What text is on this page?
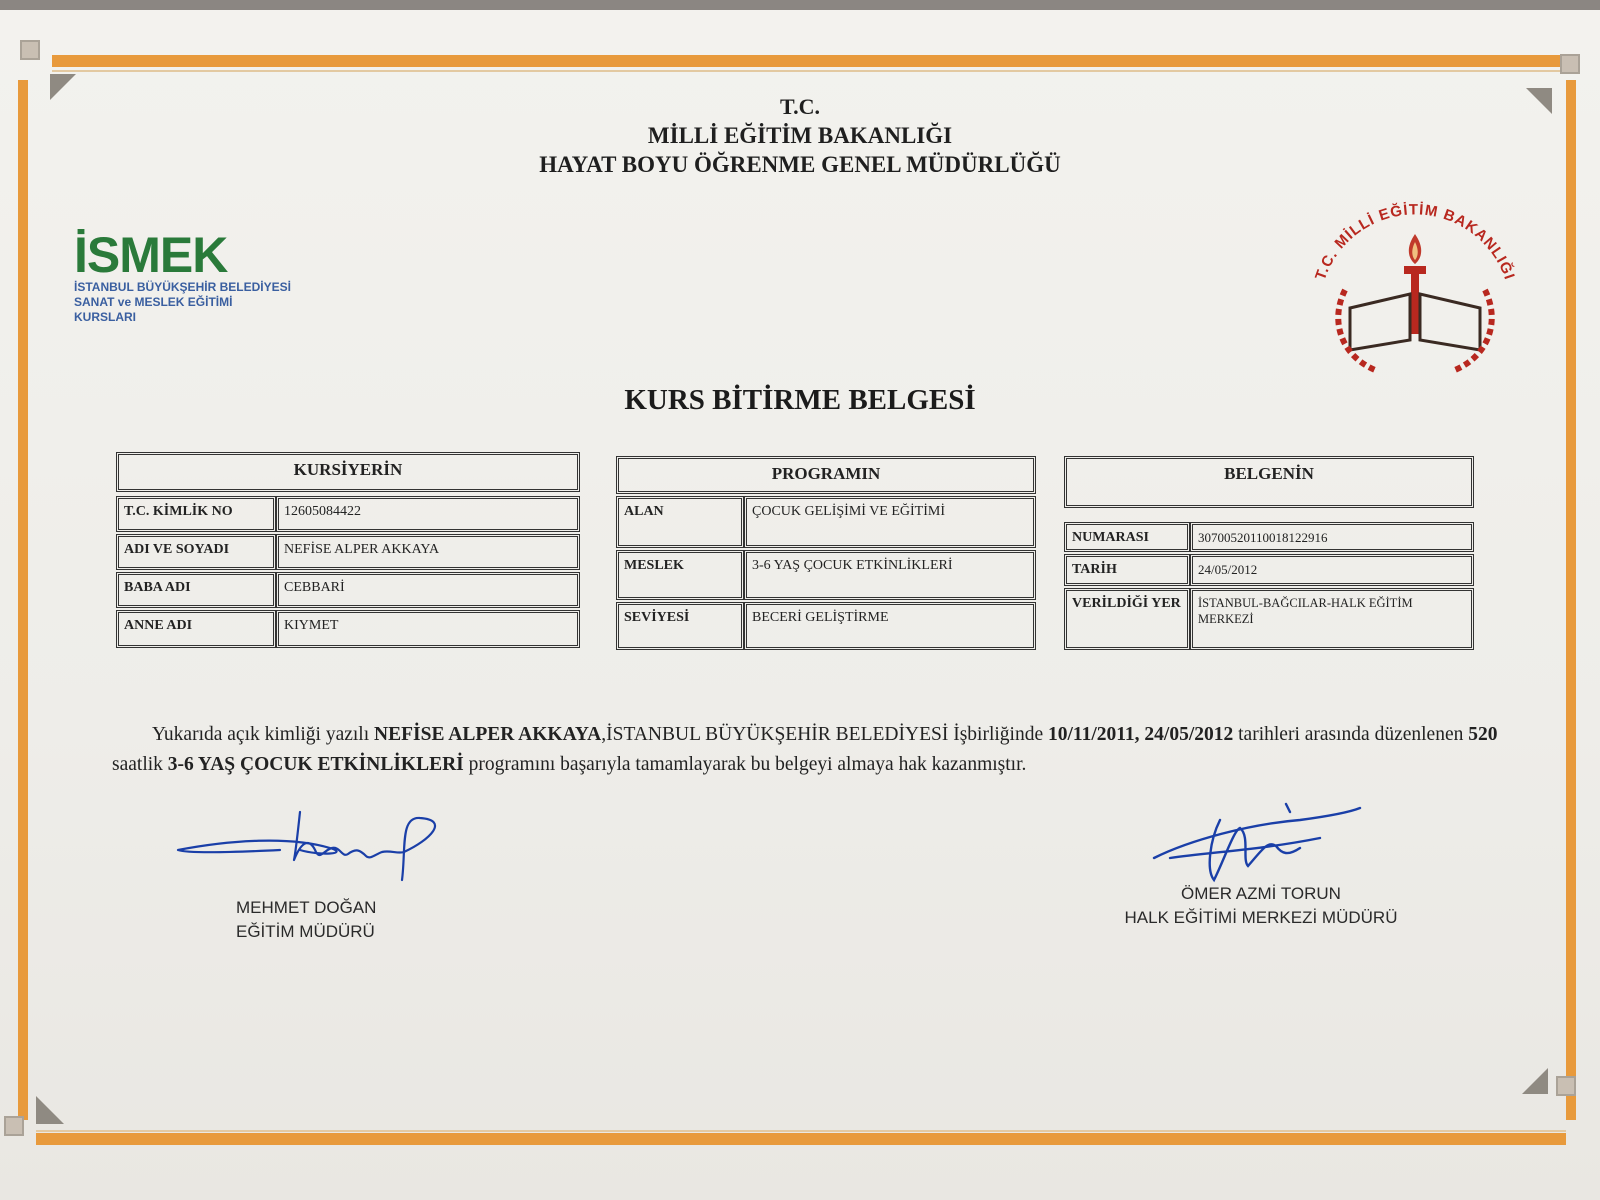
T.C.
MİLLİ EĞİTİM BAKANLIĞI
HAYAT BOYU ÖĞRENME GENEL MÜDÜRLÜĞÜ
İSMEK
İSTANBUL BÜYÜKŞEHİR BELEDİYESİ
SANAT ve MESLEK EĞİTİMİ KURSLARI
T.C. MİLLİ EĞİTİM BAKANLIĞI
KURS BİTİRME BELGESİ
KURSİYERİN
T.C. KİMLİK NO	12605084422
ADI VE SOYADI	NEFİSE ALPER AKKAYA
BABA ADI	CEBBARİ
ANNE ADI	KIYMET
PROGRAMIN
ALAN	ÇOCUK GELİŞİMİ VE EĞİTİMİ
MESLEK	3-6 YAŞ ÇOCUK ETKİNLİKLERİ
SEVİYESİ	BECERİ GELİŞTİRME
BELGENİN
NUMARASI	30700520110018122916
TARİH	24/05/2012
VERİLDİĞİ YER	İSTANBUL-BAĞCILAR-HALK EĞİTİM MERKEZİ
Yukarıda açık kimliği yazılı NEFİSE ALPER AKKAYA,İSTANBUL BÜYÜKŞEHİR BELEDİYESİ İşbirliğinde 10/11/2011, 24/05/2012 tarihleri arasında düzenlenen 520 saatlik 3-6 YAŞ ÇOCUK ETKİNLİKLERİ programını başarıyla tamamlayarak bu belgeyi almaya hak kazanmıştır.
MEHMET DOĞAN
EĞİTİM MÜDÜRÜ
ÖMER AZMİ TORUN
HALK EĞİTİMİ MERKEZİ MÜDÜRÜ
